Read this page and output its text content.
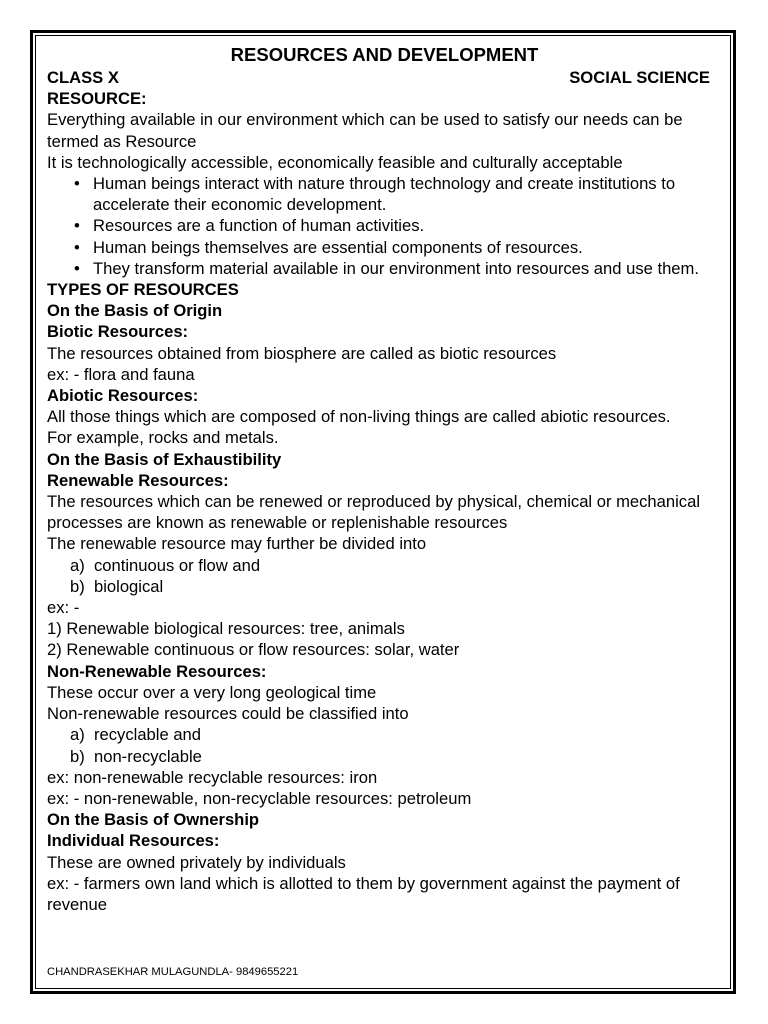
RESOURCES AND DEVELOPMENT
CLASS X	SOCIAL SCIENCE

RESOURCE:

Everything available in our environment which can be used to satisfy our needs can be termed as Resource

It is technologically accessible, economically feasible and culturally acceptable

• Human beings interact with nature through technology and create institutions to accelerate their economic development.
• Resources are a function of human activities.
• Human beings themselves are essential components of resources.
• They transform material available in our environment into resources and use them.

TYPES OF RESOURCES

On the Basis of Origin

Biotic Resources:

The resources obtained from biosphere are called as biotic resources

ex: - flora and fauna

Abiotic Resources:

All those things which are composed of non-living things are called abiotic resources.

For example, rocks and metals.

On the Basis of Exhaustibility

Renewable Resources:

The resources which can be renewed or reproduced by physical, chemical or mechanical processes are known as renewable or replenishable resources

The renewable resource may further be divided into

a) continuous or flow and
b) biological

ex: -

1) Renewable biological resources: tree, animals

2) Renewable continuous or flow resources: solar, water

Non-Renewable Resources:

These occur over a very long geological time

Non-renewable resources could be classified into

a) recyclable and
b) non-recyclable

ex: non-renewable recyclable resources: iron

ex: - non-renewable, non-recyclable resources: petroleum

On the Basis of Ownership

Individual Resources:

These are owned privately by individuals

ex: - farmers own land which is allotted to them by government against the payment of revenue

CHANDRASEKHAR MULAGUNDLA- 9849655221
